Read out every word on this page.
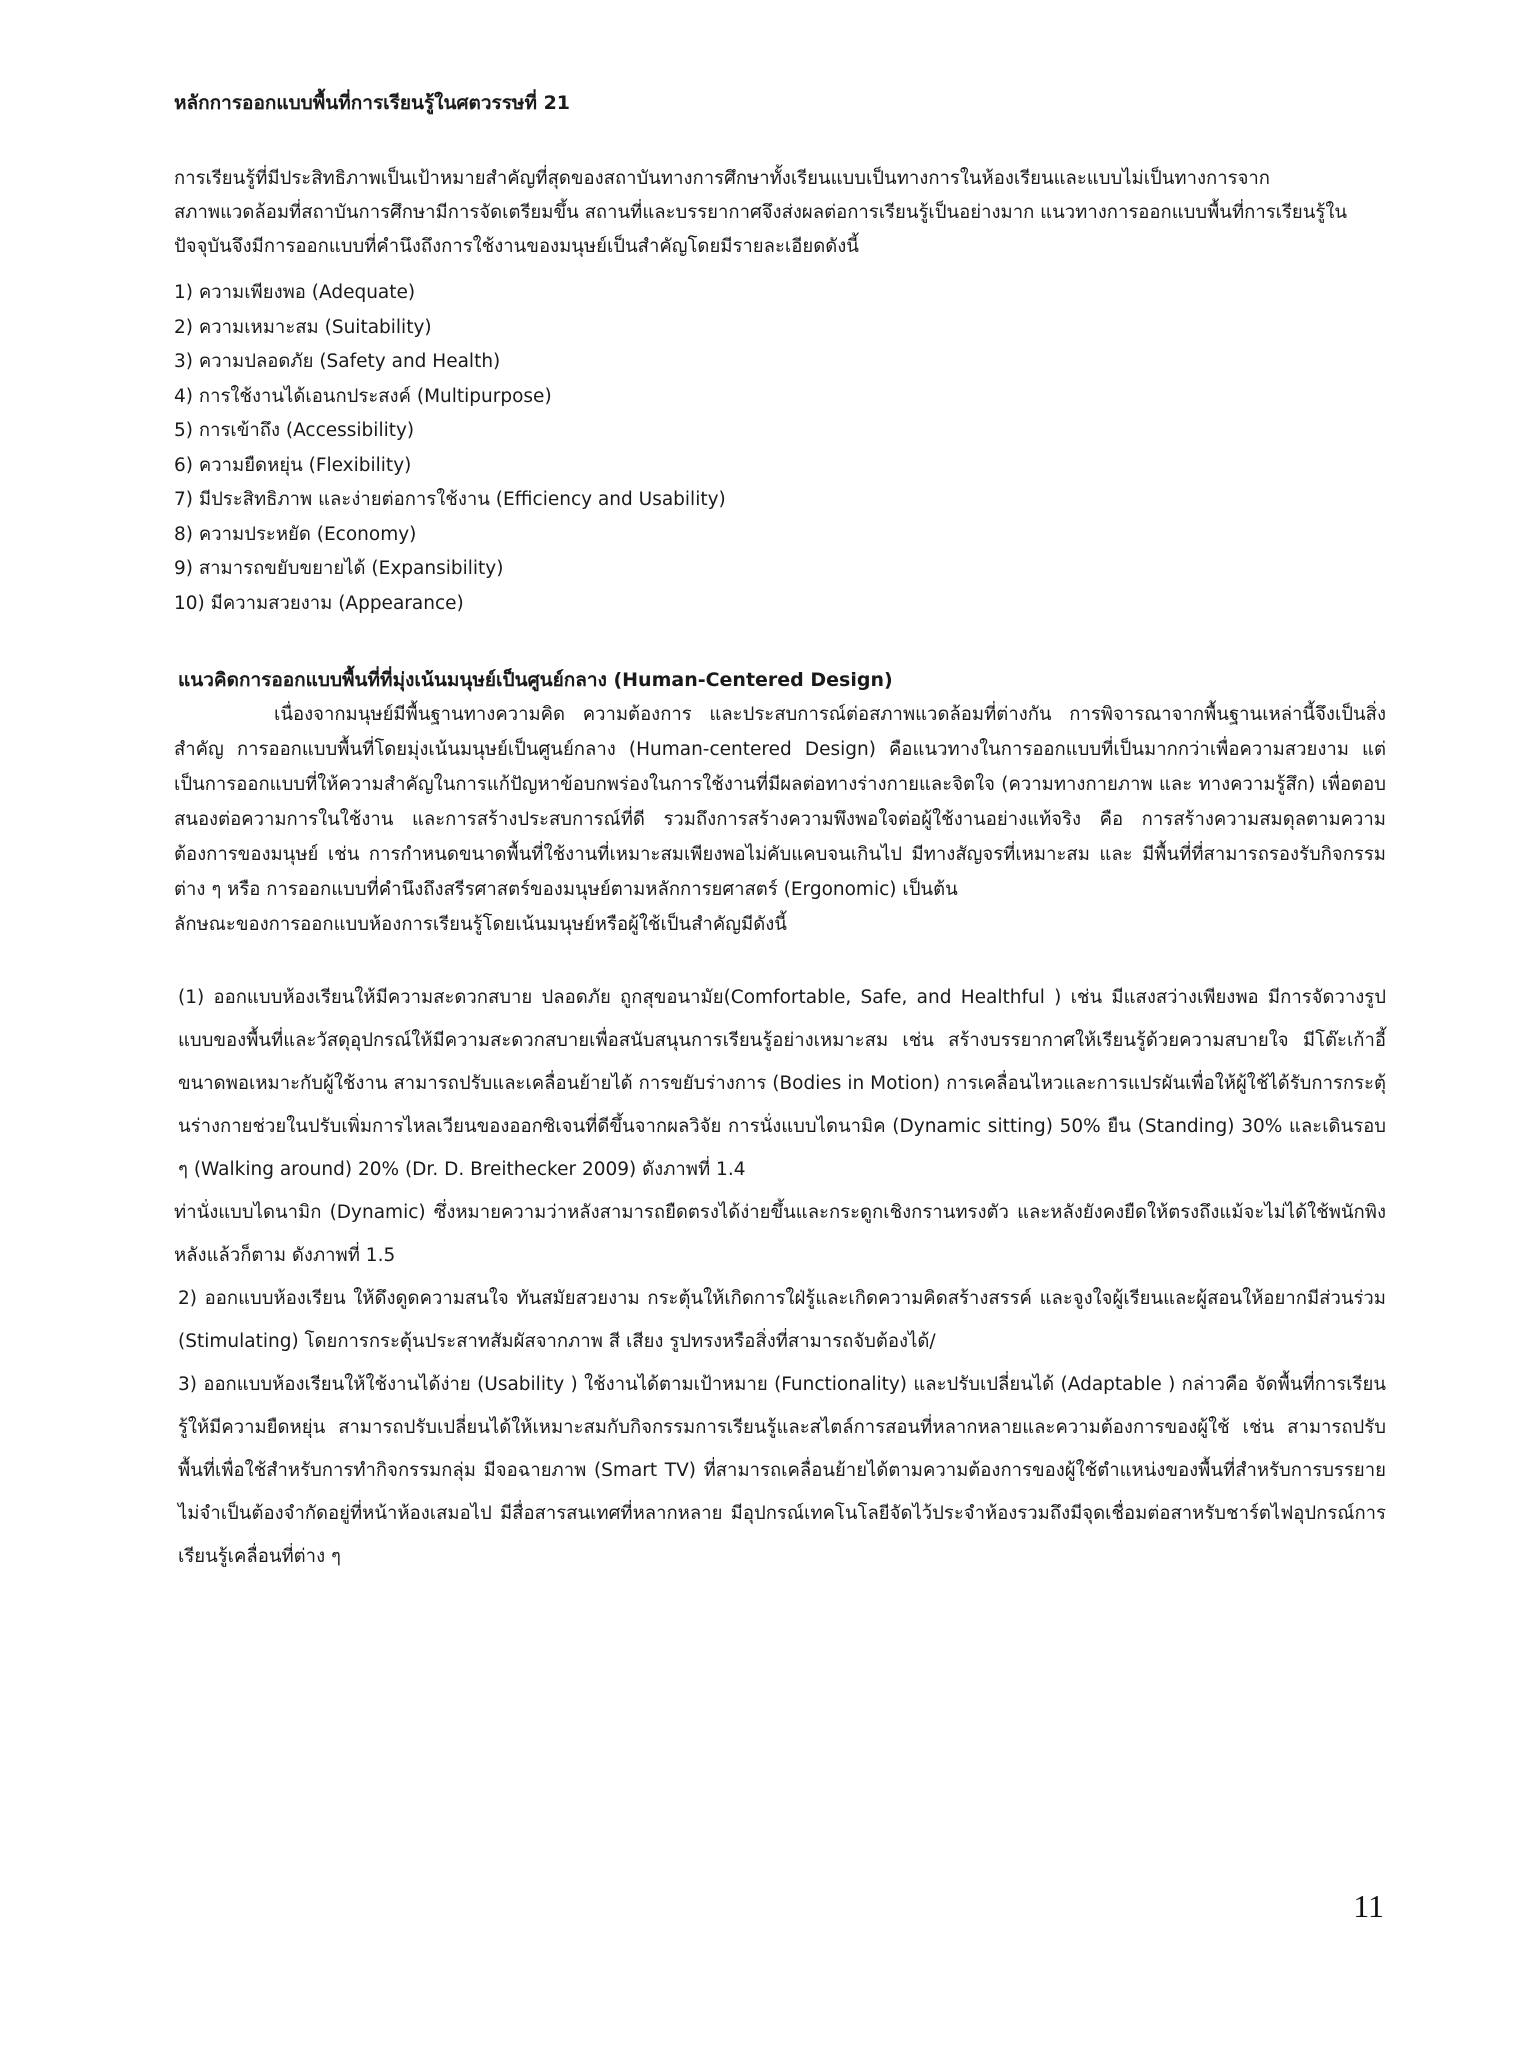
หลักการออกแบบพื้นที่การเรียนรู้ในศตวรรษที่ 21

การเรียนรู้ที่มีประสิทธิภาพเป็นเป้าหมายสำคัญที่สุดของสถาบันทางการศึกษาทั้งเรียนแบบเป็นทางการในห้องเรียนและแบบไม่เป็นทางการจาก

สภาพแวดล้อมที่สถาบันการศึกษามีการจัดเตรียมขึ้น สถานที่และบรรยากาศจึงส่งผลต่อการเรียนรู้เป็นอย่างมาก แนวทางการออกแบบพื้นที่การเรียนรู้ใน

ปัจจุบันจึงมีการออกแบบที่คำนึงถึงการใช้งานของมนุษย์เป็นสำคัญโดยมีรายละเอียดดังนี้

1) ความเพียงพอ (Adequate)
2) ความเหมาะสม (Suitability)
3) ความปลอดภัย (Safety and Health)
4) การใช้งานได้เอนกประสงค์ (Multipurpose)
5) การเข้าถึง (Accessibility)
6) ความยืดหยุ่น (Flexibility)
7) มีประสิทธิภาพ และง่ายต่อการใช้งาน (Efficiency and Usability)
8) ความประหยัด (Economy)
9) สามารถขยับขยายได้ (Expansibility)
10) มีความสวยงาม (Appearance)
แนวคิดการออกแบบพื้นที่ที่มุ่งเน้นมนุษย์เป็นศูนย์กลาง (Human-Centered Design)

เนื่องจากมนุษย์มีพื้นฐานทางความคิด ความต้องการ และประสบการณ์ต่อสภาพแวดล้อมที่ต่างกัน การพิจารณาจากพื้นฐานเหล่านี้จึงเป็นสิ่งสำคัญ การออกแบบพื้นที่โดยมุ่งเน้นมนุษย์เป็นศูนย์กลาง (Human-centered Design) คือแนวทางในการออกแบบที่เป็นมากกว่าเพื่อความสวยงาม แต่เป็นการออกแบบที่ให้ความสำคัญในการแก้ปัญหาข้อบกพร่องในการใช้งานที่มีผลต่อทางร่างกายและจิตใจ (ความทางกายภาพ และ ทางความรู้สึก) เพื่อตอบสนองต่อความการในใช้งาน และการสร้างประสบการณ์ที่ดี รวมถึงการสร้างความพึงพอใจต่อผู้ใช้งานอย่างแท้จริง คือ การสร้างความสมดุลตามความต้องการของมนุษย์ เช่น การกำหนดขนาดพื้นที่ใช้งานที่เหมาะสมเพียงพอไม่คับแคบจนเกินไป มีทางสัญจรที่เหมาะสม และ มีพื้นที่ที่สามารถรองรับกิจกรรมต่าง ๆ หรือ การออกแบบที่คำนึงถึงสรีรศาสตร์ของมนุษย์ตามหลักการยศาสตร์ (Ergonomic) เป็นต้น

ลักษณะของการออกแบบห้องการเรียนรู้โดยเน้นมนุษย์หรือผู้ใช้เป็นสำคัญมีดังนี้

(1) ออกแบบห้องเรียนให้มีความสะดวกสบาย ปลอดภัย ถูกสุขอนามัย(Comfortable, Safe, and Healthful ) เช่น มีแสงสว่างเพียงพอ มีการจัดวางรูปแบบของพื้นที่และวัสดุอุปกรณ์ให้มีความสะดวกสบายเพื่อสนับสนุนการเรียนรู้อย่างเหมาะสม เช่น สร้างบรรยากาศให้เรียนรู้ด้วยความสบายใจ มีโต๊ะเก้าอี้ขนาดพอเหมาะกับผู้ใช้งาน สามารถปรับและเคลื่อนย้ายได้ การขยับร่างการ (Bodies in Motion) การเคลื่อนไหวและการแปรผันเพื่อให้ผู้ใช้ได้รับการกระตุ้นร่างกายช่วยในปรับเพิ่มการไหลเวียนของออกซิเจนที่ดีขึ้นจากผลวิจัย การนั่งแบบไดนามิค (Dynamic sitting) 50% ยืน (Standing) 30% และเดินรอบ ๆ (Walking around) 20% (Dr. D. Breithecker 2009) ดังภาพที่ 1.4

ท่านั่งแบบไดนามิก (Dynamic) ซึ่งหมายความว่าหลังสามารถยืดตรงได้ง่ายขึ้นและกระดูกเชิงกรานทรงตัว และหลังยังคงยืดให้ตรงถึงแม้จะไม่ได้ใช้พนักพิงหลังแล้วก็ตาม ดังภาพที่ 1.5

2) ออกแบบห้องเรียน ให้ดึงดูดความสนใจ ทันสมัยสวยงาม กระตุ้นให้เกิดการใฝ่รู้และเกิดความคิดสร้างสรรค์ และจูงใจผู้เรียนและผู้สอนให้อยากมีส่วนร่วม (Stimulating) โดยการกระตุ้นประสาทสัมผัสจากภาพ สี เสียง รูปทรงหรือสิ่งที่สามารถจับต้องได้/

3) ออกแบบห้องเรียนให้ใช้งานได้ง่าย (Usability ) ใช้งานได้ตามเป้าหมาย (Functionality) และปรับเปลี่ยนได้ (Adaptable ) กล่าวคือ จัดพื้นที่การเรียนรู้ให้มีความยืดหยุ่น สามารถปรับเปลี่ยนได้ให้เหมาะสมกับกิจกรรมการเรียนรู้และสไตล์การสอนที่หลากหลายและความต้องการของผู้ใช้ เช่น สามารถปรับพื้นที่เพื่อใช้สำหรับการทำกิจกรรมกลุ่ม มีจอฉายภาพ (Smart TV) ที่สามารถเคลื่อนย้ายได้ตามความต้องการของผู้ใช้ตำแหน่งของพื้นที่สำหรับการบรรยายไม่จำเป็นต้องจำกัดอยู่ที่หน้าห้องเสมอไป มีสื่อสารสนเทศที่หลากหลาย มีอุปกรณ์เทคโนโลยีจัดไว้ประจำห้องรวมถึงมีจุดเชื่อมต่อสาหรับชาร์ตไฟอุปกรณ์การเรียนรู้เคลื่อนที่ต่าง ๆ

11
